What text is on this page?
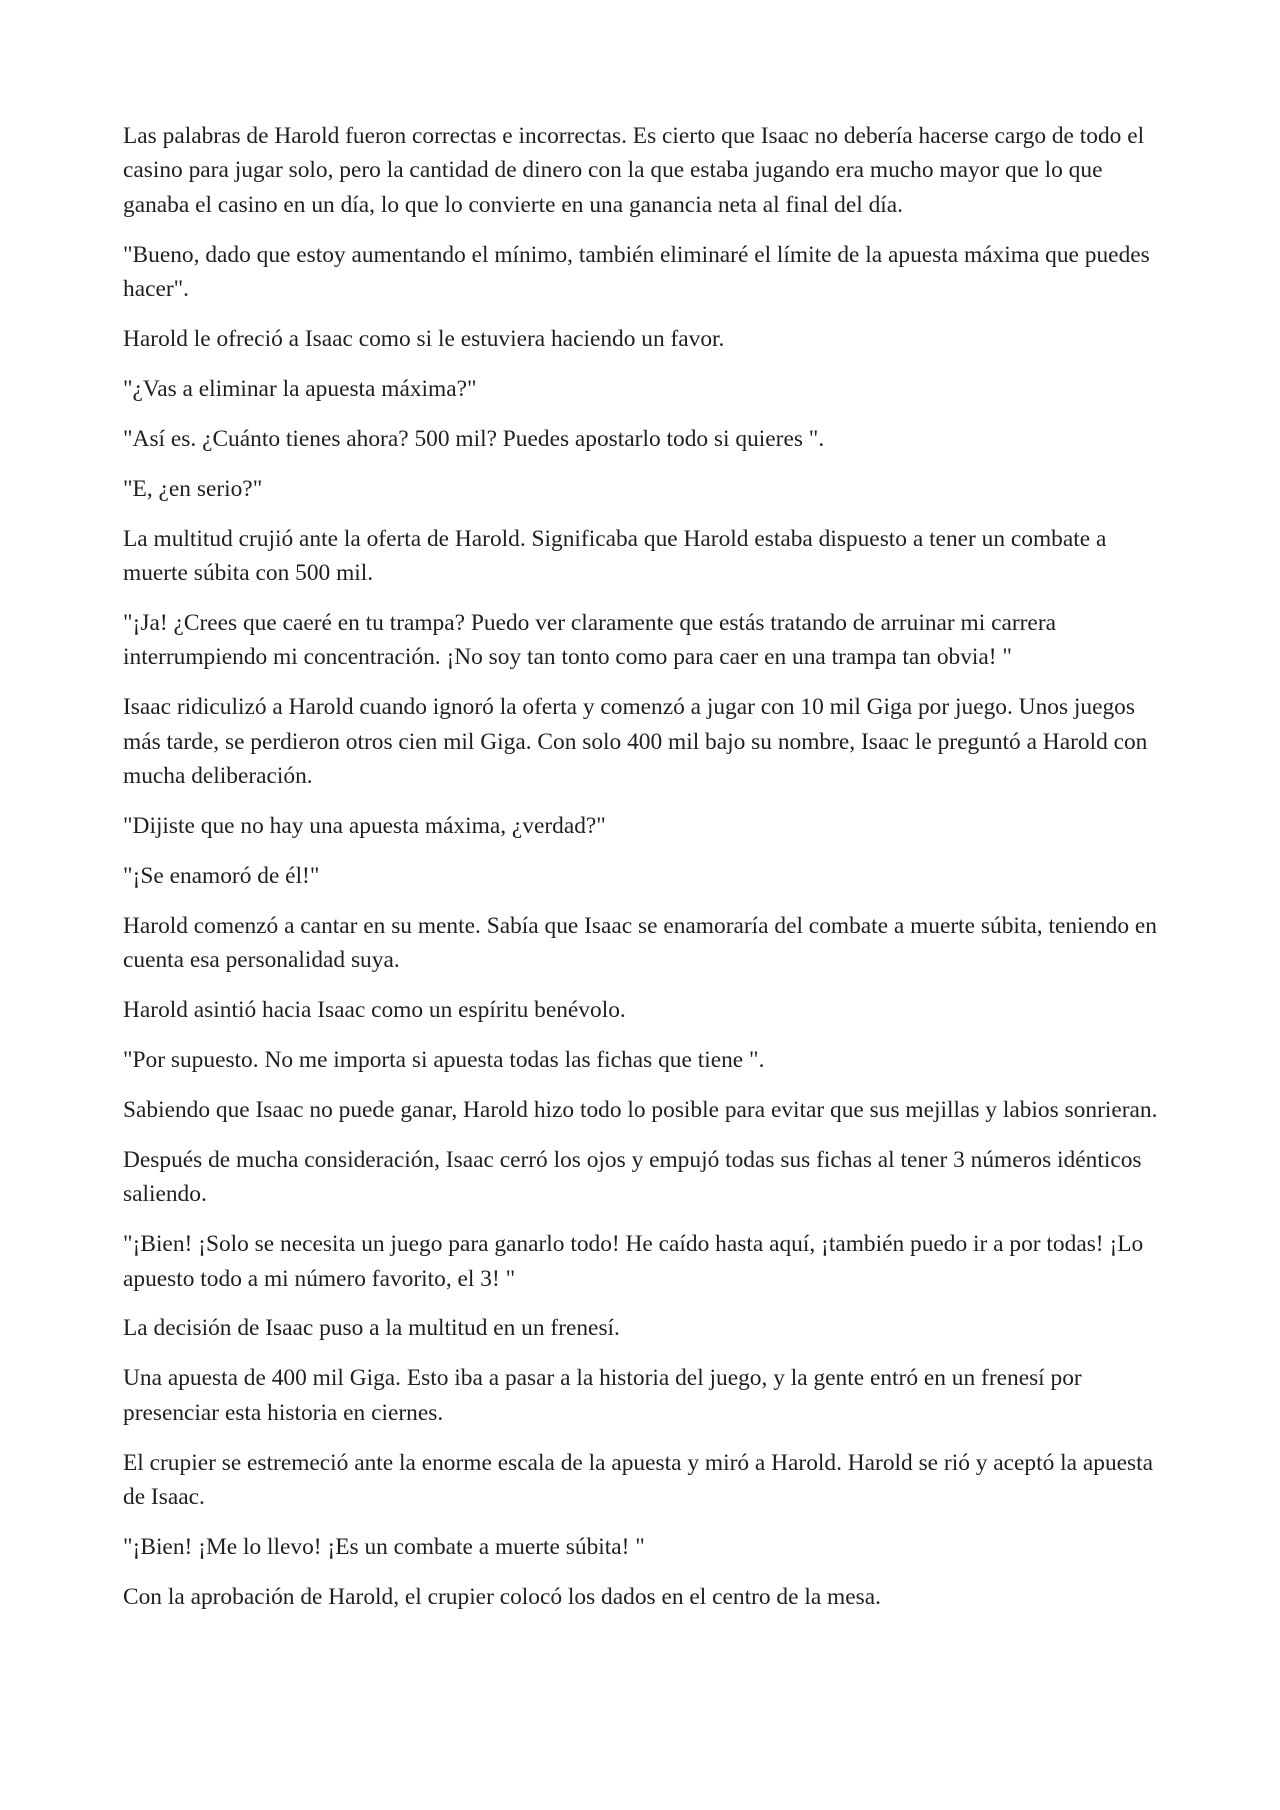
Las palabras de Harold fueron correctas e incorrectas. Es cierto que Isaac no debería hacerse cargo de todo el casino para jugar solo, pero la cantidad de dinero con la que estaba jugando era mucho mayor que lo que ganaba el casino en un día, lo que lo convierte en una ganancia neta al final del día.

"Bueno, dado que estoy aumentando el mínimo, también eliminaré el límite de la apuesta máxima que puedes hacer".

Harold le ofreció a Isaac como si le estuviera haciendo un favor.

"¿Vas a eliminar la apuesta máxima?"

"Así es. ¿Cuánto tienes ahora? 500 mil? Puedes apostarlo todo si quieres ".

"E, ¿en serio?"

La multitud crujió ante la oferta de Harold. Significaba que Harold estaba dispuesto a tener un combate a muerte súbita con 500 mil.

"¡Ja! ¿Crees que caeré en tu trampa? Puedo ver claramente que estás tratando de arruinar mi carrera interrumpiendo mi concentración. ¡No soy tan tonto como para caer en una trampa tan obvia! "

Isaac ridiculizó a Harold cuando ignoró la oferta y comenzó a jugar con 10 mil Giga por juego. Unos juegos más tarde, se perdieron otros cien mil Giga. Con solo 400 mil bajo su nombre, Isaac le preguntó a Harold con mucha deliberación.

"Dijiste que no hay una apuesta máxima, ¿verdad?"

"¡Se enamoró de él!"

Harold comenzó a cantar en su mente. Sabía que Isaac se enamoraría del combate a muerte súbita, teniendo en cuenta esa personalidad suya.

Harold asintió hacia Isaac como un espíritu benévolo.

"Por supuesto. No me importa si apuesta todas las fichas que tiene ".

Sabiendo que Isaac no puede ganar, Harold hizo todo lo posible para evitar que sus mejillas y labios sonrieran.

Después de mucha consideración, Isaac cerró los ojos y empujó todas sus fichas al tener 3 números idénticos saliendo.

"¡Bien! ¡Solo se necesita un juego para ganarlo todo! He caído hasta aquí, ¡también puedo ir a por todas! ¡Lo apuesto todo a mi número favorito, el 3! "

La decisión de Isaac puso a la multitud en un frenesí.

Una apuesta de 400 mil Giga. Esto iba a pasar a la historia del juego, y la gente entró en un frenesí por presenciar esta historia en ciernes.

El crupier se estremeció ante la enorme escala de la apuesta y miró a Harold. Harold se rió y aceptó la apuesta de Isaac.

"¡Bien! ¡Me lo llevo! ¡Es un combate a muerte súbita! "

Con la aprobación de Harold, el crupier colocó los dados en el centro de la mesa.
